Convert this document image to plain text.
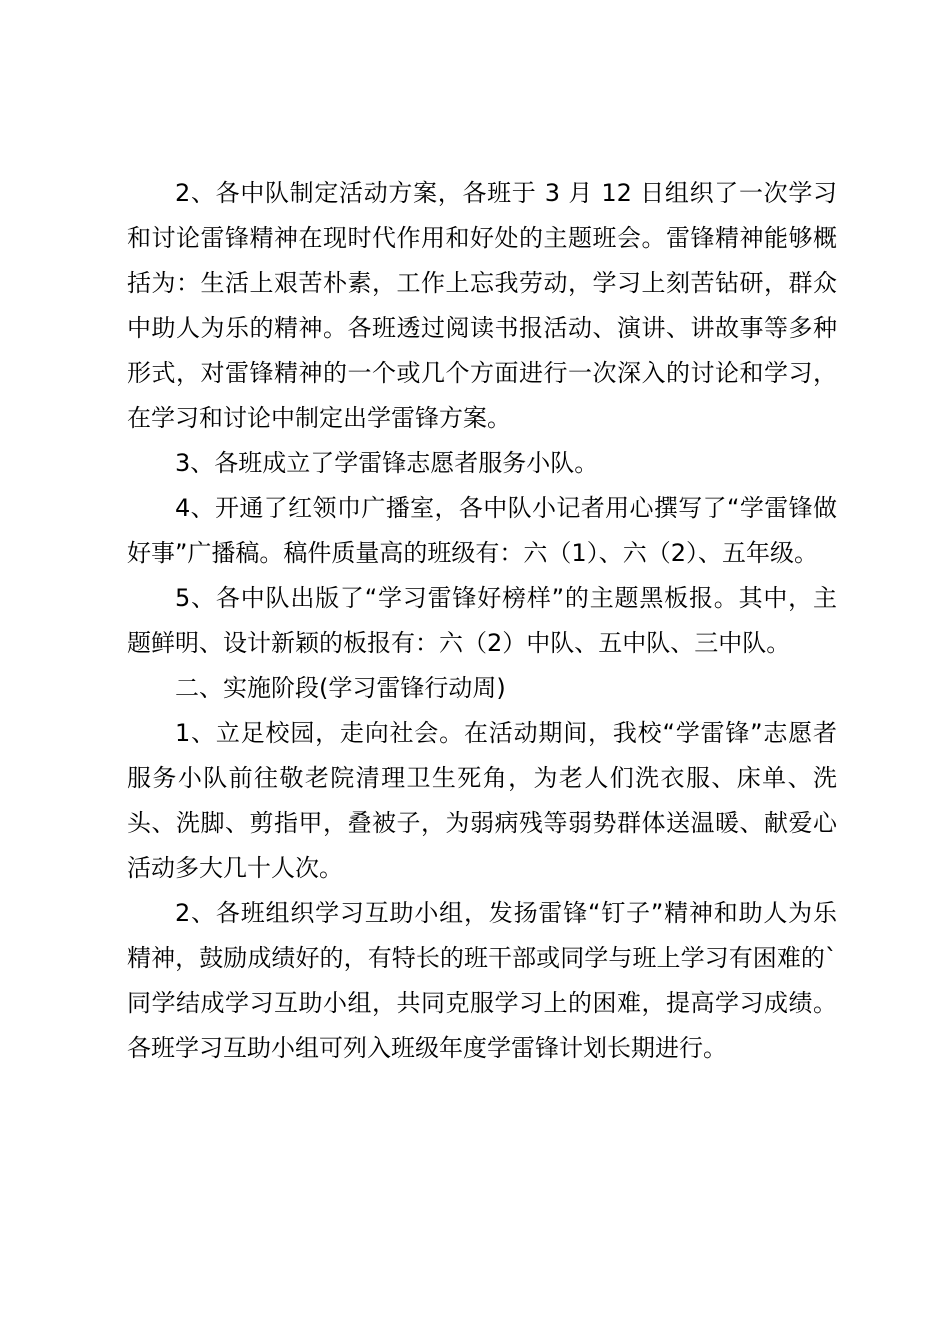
2、各中队制定活动方案，各班于 3 月 12 日组织了一次学习和讨论雷锋精神在现时代作用和好处的主题班会。雷锋精神能够概括为：生活上艰苦朴素，工作上忘我劳动，学习上刻苦钻研，群众中助人为乐的精神。各班透过阅读书报活动、演讲、讲故事等多种形式，对雷锋精神的一个或几个方面进行一次深入的讨论和学习，在学习和讨论中制定出学雷锋方案。

3、各班成立了学雷锋志愿者服务小队。

4、开通了红领巾广播室，各中队小记者用心撰写了“学雷锋做好事”广播稿。稿件质量高的班级有：六（1）、六（2）、五年级。

5、各中队出版了“学习雷锋好榜样”的主题黑板报。其中，主题鲜明、设计新颖的板报有：六（2）中队、五中队、三中队。

二、实施阶段(学习雷锋行动周)

1、立足校园，走向社会。在活动期间，我校“学雷锋”志愿者服务小队前往敬老院清理卫生死角，为老人们洗衣服、床单、洗头、洗脚、剪指甲，叠被子，为弱病残等弱势群体送温暖、献爱心活动多大几十人次。

2、各班组织学习互助小组，发扬雷锋“钉子”精神和助人为乐精神，鼓励成绩好的，有特长的班干部或同学与班上学习有困难的`同学结成学习互助小组，共同克服学习上的困难，提高学习成绩。各班学习互助小组可列入班级年度学雷锋计划长期进行。
